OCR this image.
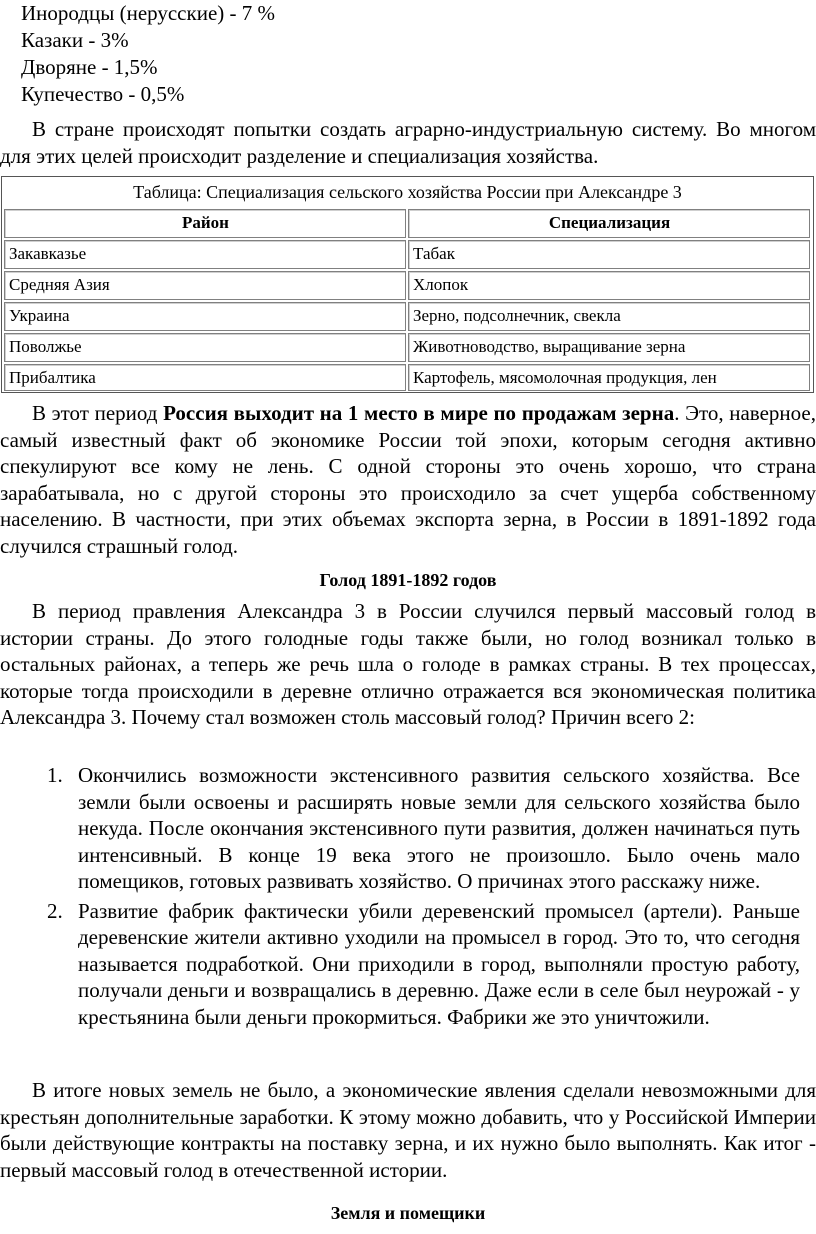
Инородцы (нерусские) - 7 %
Казаки - 3%
Дворяне - 1,5%
Купечество - 0,5%

В стране происходят попытки создать аграрно-индустриальную систему. Во многом для этих целей происходит разделение и специализация хозяйства.

Таблица: Специализация сельского хозяйства России при Александре 3
Район	Специализация
Закавказье	Табак
Средняя Азия	Хлопок
Украина	Зерно, подсолнечник, свекла
Поволжье	Животноводство, выращивание зерна
Прибалтика	Картофель, мясомолочная продукция, лен

В этот период Россия выходит на 1 место в мире по продажам зерна. Это, наверное, самый известный факт об экономике России той эпохи, которым сегодня активно спекулируют все кому не лень. С одной стороны это очень хорошо, что страна зарабатывала, но с другой стороны это происходило за счет ущерба собственному населению. В частности, при этих объемах экспорта зерна, в России в 1891-1892 года случился страшный голод.

Голод 1891-1892 годов

В период правления Александра 3 в России случился первый массовый голод в истории страны. До этого голодные годы также были, но голод возникал только в остальных районах, а теперь же речь шла о голоде в рамках страны. В тех процессах, которые тогда происходили в деревне отлично отражается вся экономическая политика Александра 3. Почему стал возможен столь массовый голод? Причин всего 2:

1. Окончились возможности экстенсивного развития сельского хозяйства. Все земли были освоены и расширять новые земли для сельского хозяйства было некуда. После окончания экстенсивного пути развития, должен начинаться путь интенсивный. В конце 19 века этого не произошло. Было очень мало помещиков, готовых развивать хозяйство. О причинах этого расскажу ниже.
2. Развитие фабрик фактически убили деревенский промысел (артели). Раньше деревенские жители активно уходили на промысел в город. Это то, что сегодня называется подработкой. Они приходили в город, выполняли простую работу, получали деньги и возвращались в деревню. Даже если в селе был неурожай - у крестьянина были деньги прокормиться. Фабрики же это уничтожили.

В итоге новых земель не было, а экономические явления сделали невозможными для крестьян дополнительные заработки. К этому можно добавить, что у Российской Империи были действующие контракты на поставку зерна, и их нужно было выполнять. Как итог - первый массовый голод в отечественной истории.

Земля и помещики
